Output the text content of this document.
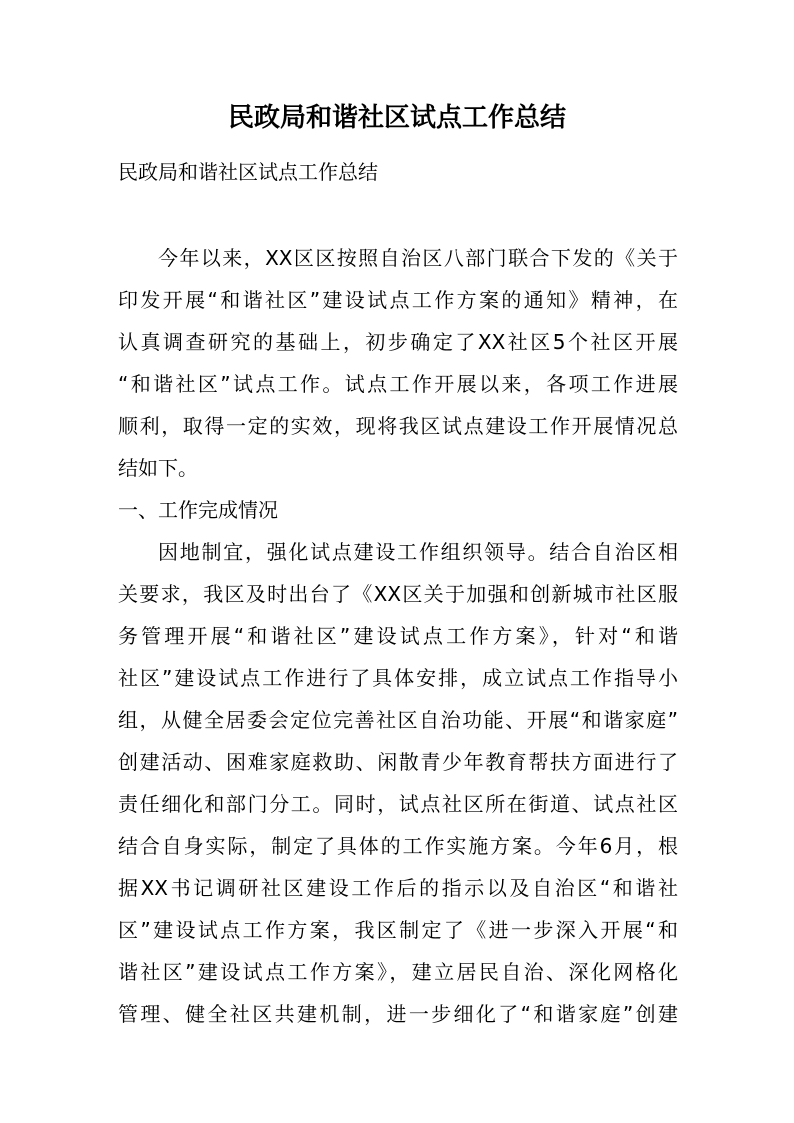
民政局和谐社区试点工作总结

民政局和谐社区试点工作总结

今年以来，XX区区按照自治区八部门联合下发的《关于

印发开展“和谐社区”建设试点工作方案的通知》精神，在

认真调查研究的基础上，初步确定了XX社区5个社区开展

“和谐社区”试点工作。试点工作开展以来，各项工作进展

顺利，取得一定的实效，现将我区试点建设工作开展情况总

结如下。

一、工作完成情况

因地制宜，强化试点建设工作组织领导。结合自治区相

关要求，我区及时出台了《XX区关于加强和创新城市社区服

务管理开展“和谐社区”建设试点工作方案》，针对“和谐

社区”建设试点工作进行了具体安排，成立试点工作指导小

组，从健全居委会定位完善社区自治功能、开展“和谐家庭”

创建活动、困难家庭救助、闲散青少年教育帮扶方面进行了

责任细化和部门分工。同时，试点社区所在街道、试点社区

结合自身实际，制定了具体的工作实施方案。今年6月，根

据XX书记调研社区建设工作后的指示以及自治区“和谐社

区”建设试点工作方案，我区制定了《进一步深入开展“和

谐社区”建设试点工作方案》，建立居民自治、深化网格化

管理、健全社区共建机制，进一步细化了“和谐家庭”创建
